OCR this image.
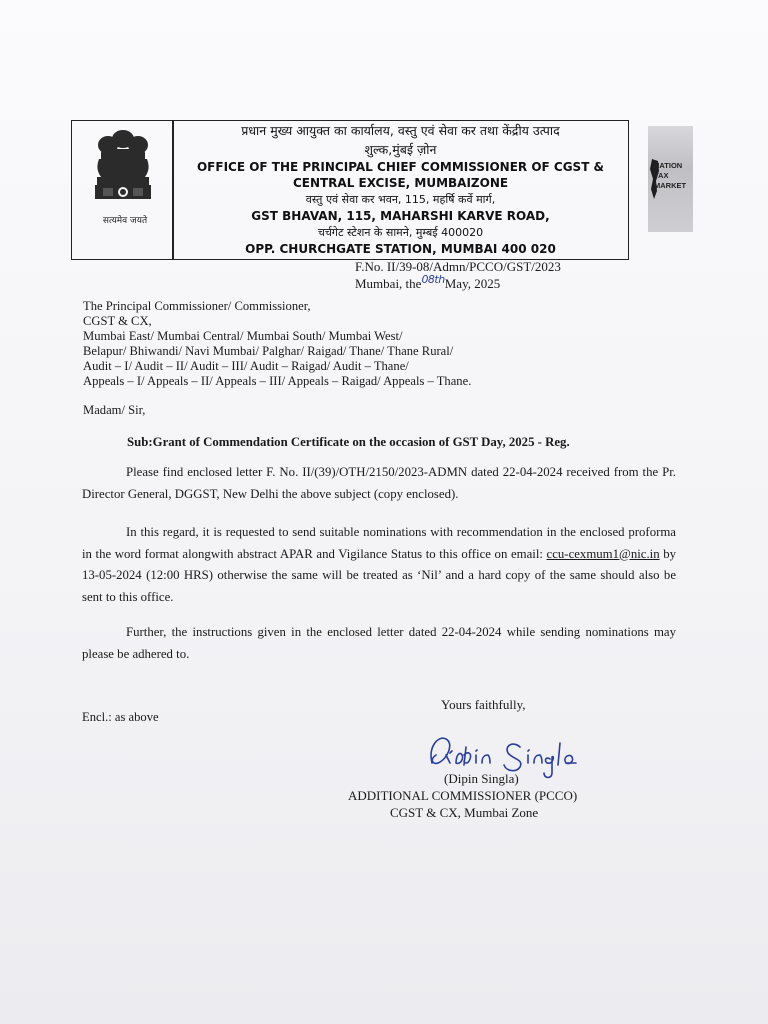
सत्यमेव जयते
प्रधान मुख्य आयुक्त का कार्यालय, वस्तु एवं सेवा कर तथा केंद्रीय उत्पाद
शुल्क,मुंबई ज़ोन
OFFICE OF THE PRINCIPAL CHIEF COMMISSIONER OF CGST &
CENTRAL EXCISE, MUMBAIZONE
वस्तु एवं सेवा कर भवन, 115, महर्षि कर्वे मार्ग,
GST BHAVAN, 115, MAHARSHI KARVE ROAD,
चर्चगेट स्टेशन के सामने, मुम्बई 400020
OPP. CHURCHGATE STATION, MUMBAI 400 020
NATION
TAX
MARKET
F.No. II/39-08/Admn/PCCO/GST/2023
Mumbai, the$^{08th}$May, 2025
The Principal Commissioner/ Commissioner,
CGST & CX,
Mumbai East/ Mumbai Central/ Mumbai South/ Mumbai West/
Belapur/ Bhiwandi/ Navi Mumbai/ Palghar/ Raigad/ Thane/ Thane Rural/
Audit – I/ Audit – II/ Audit – III/ Audit – Raigad/ Audit – Thane/
Appeals – I/ Appeals – II/ Appeals – III/ Appeals – Raigad/ Appeals – Thane.
Madam/ Sir,
Sub:Grant of Commendation Certificate on the occasion of GST Day, 2025 - Reg.
Please find enclosed letter F. No. II/(39)/OTH/2150/2023-ADMN dated 22-04-2024 received from the Pr. Director General, DGGST, New Delhi the above subject (copy enclosed).
In this regard, it is requested to send suitable nominations with recommendation in the enclosed proforma in the word format alongwith abstract APAR and Vigilance Status to this office on email: ccu-cexmum1@nic.in by 13-05-2024 (12:00 HRS) otherwise the same will be treated as ‘Nil’ and a hard copy of the same should also be sent to this office.
Further, the instructions given in the enclosed letter dated 22-04-2024 while sending nominations may please be adhered to.
Yours faithfully,
Encl.: as above
(Dipin Singla)
ADDITIONAL COMMISSIONER (PCCO)
CGST & CX, Mumbai Zone
